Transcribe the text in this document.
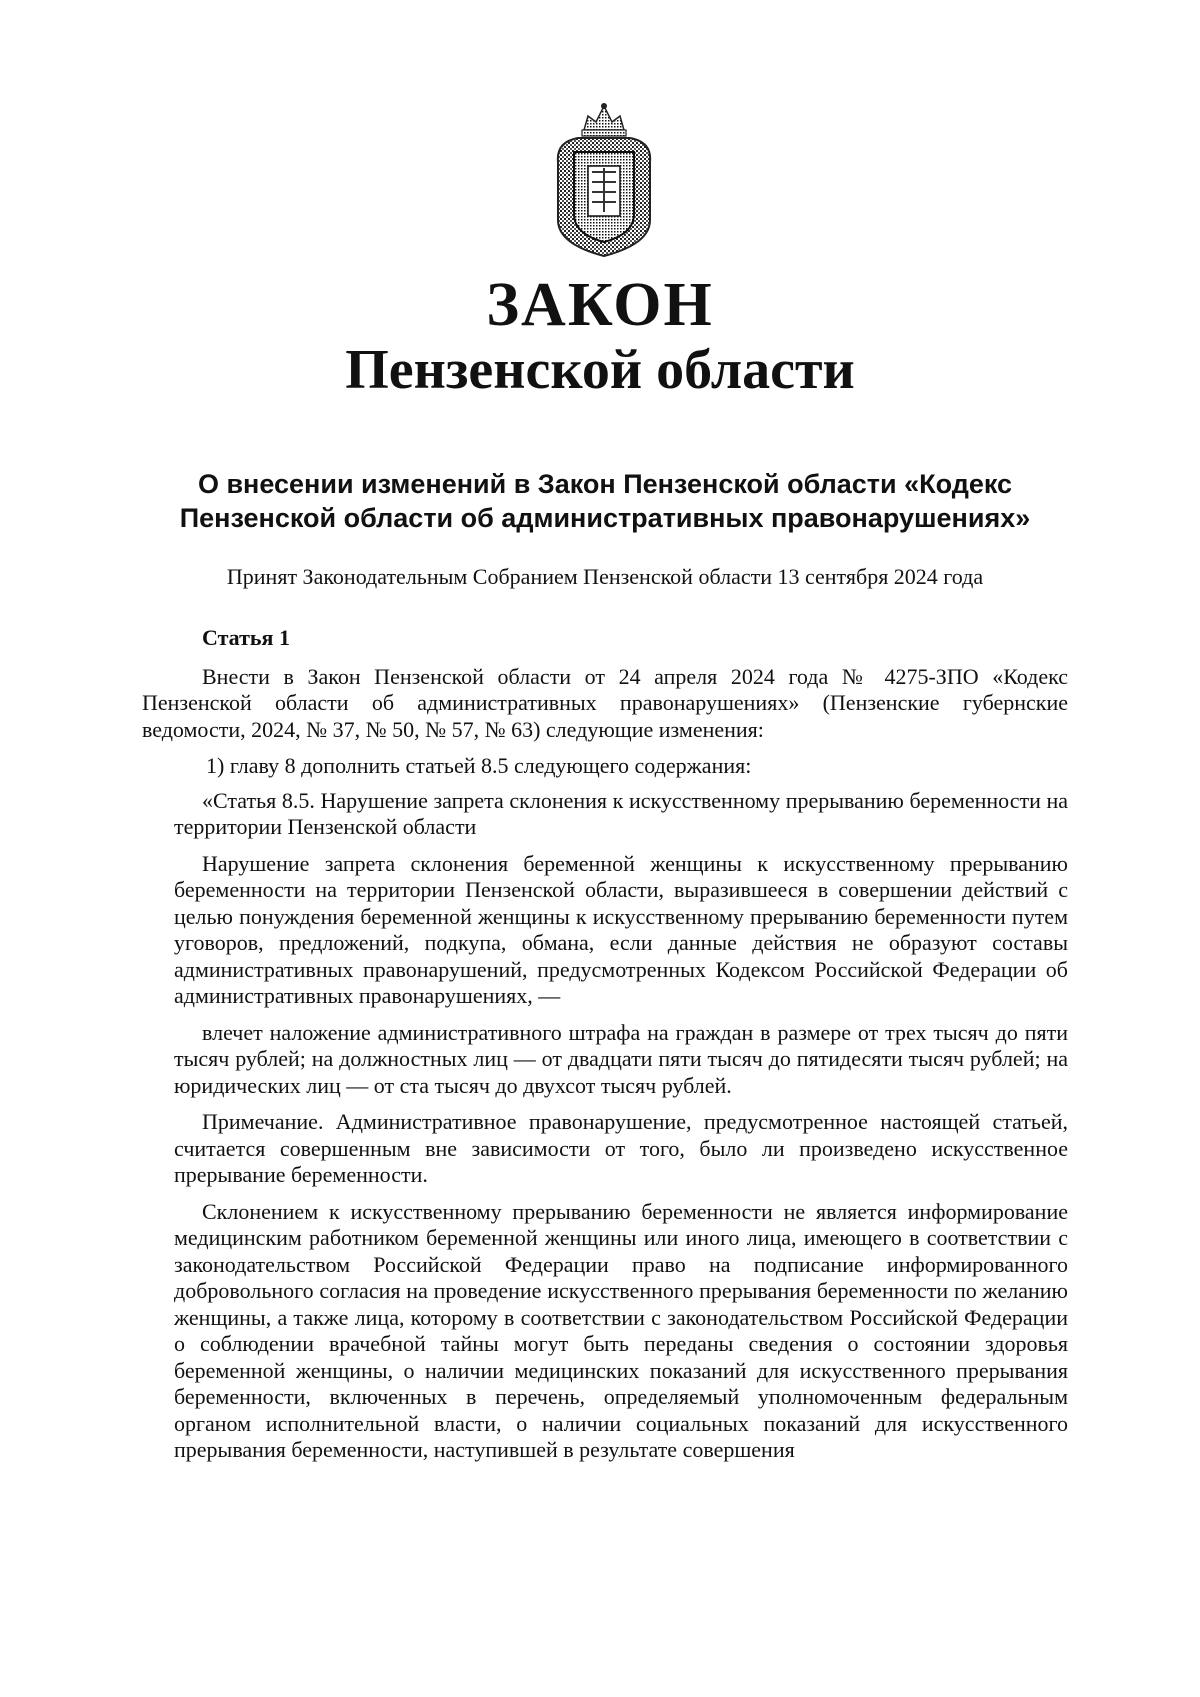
ЗАКОН
Пензенской области
О внесении изменений в Закон Пензенской области «Кодекс Пензенской области об административных правонарушениях»

Принят Законодательным Собранием Пензенской области 13 сентября 2024 года

Статья 1

Внести в Закон Пензенской области от 24 апреля 2024 года № 4275-ЗПО «Кодекс Пензенской области об административных правонарушениях» (Пензенские губернские ведомости, 2024, № 37, № 50, № 57, № 63) следующие изменения:

1) главу 8 дополнить статьей 8.5 следующего содержания:

«Статья 8.5. Нарушение запрета склонения к искусственному прерыванию беременности на территории Пензенской области

Нарушение запрета склонения беременной женщины к искусственному прерыванию беременности на территории Пензенской области, выразившееся в совершении действий с целью понуждения беременной женщины к искусственному прерыванию беременности путем уговоров, предложений, подкупа, обмана, если данные действия не образуют составы административных правонарушений, предусмотренных Кодексом Российской Федерации об административных правонарушениях, —

влечет наложение административного штрафа на граждан в размере от трех тысяч до пяти тысяч рублей; на должностных лиц — от двадцати пяти тысяч до пятидесяти тысяч рублей; на юридических лиц — от ста тысяч до двухсот тысяч рублей.

Примечание. Административное правонарушение, предусмотренное настоящей статьей, считается совершенным вне зависимости от того, было ли произведено искусственное прерывание беременности.

Склонением к искусственному прерыванию беременности не является информирование медицинским работником беременной женщины или иного лица, имеющего в соответствии с законодательством Российской Федерации право на подписание информированного добровольного согласия на проведение искусственного прерывания беременности по желанию женщины, а также лица, которому в соответствии с законодательством Российской Федерации о соблюдении врачебной тайны могут быть переданы сведения о состоянии здоровья беременной женщины, о наличии медицинских показаний для искусственного прерывания беременности, включенных в перечень, определяемый уполномоченным федеральным органом исполнительной власти, о наличии социальных показаний для искусственного прерывания беременности, наступившей в результате совершения
